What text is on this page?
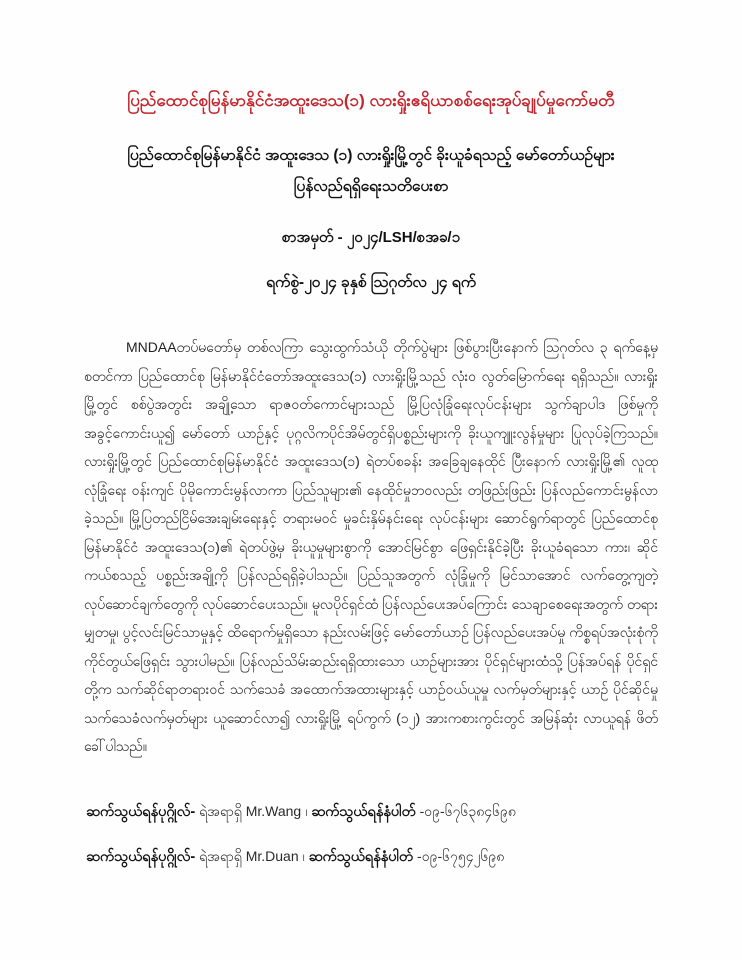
ပြည်ထောင်စုမြန်မာနိုင်ငံအထူးဒေသ(၁) လားရှိုးဧရိယာစစ်ရေးအုပ်ချုပ်မှုကော်မတီ
ပြည်ထောင်စုမြန်မာနိုင်ငံ အထူးဒေသ (၁) လားရှိုးမြို့တွင် ခိုးယူခံရသည့် မော်တော်ယဉ်များ
ပြန်လည်ရရှိရေးသတိပေးစာ
စာအမှတ် - ၂၀၂၄/LSH/စအခ/၁
ရက်စွဲ-၂၀၂၄ ခုနှစ် သြဂုတ်လ ၂၄ ရက်
MNDAAတပ်မတော်မှ တစ်လကြာ သွေးထွက်သံယို တိုက်ပွဲများ ဖြစ်ပွားပြီးနောက် သြဂုတ်လ ၃ ရက်နေ့မှ စတင်ကာ ပြည်ထောင်စု မြန်မာနိုင်ငံတော်အထူးဒေသ(၁) လားရှိုးမြို့သည် လုံးဝ လွတ်မြောက်ရေး ရရှိသည်။ လားရှိုးမြို့တွင် စစ်ပွဲအတွင်း အချို့သော ရာဇဝတ်ကောင်များသည် မြို့ပြလုံခြုံရေးလုပ်ငန်းများ သွက်ချာပါဒ ဖြစ်မှုကို အခွင့်ကောင်းယူ၍ မော်တော် ယာဉ်နှင့် ပုဂ္ဂလိကပိုင်အိမ်တွင်ရှိပစ္စည်းများကို ခိုးယူကျူးလွန်မှုများ ပြုလုပ်ခဲ့ကြသည်။ လားရှိုးမြို့တွင် ပြည်ထောင်စုမြန်မာနိုင်ငံ အထူးဒေသ(၁) ရဲတပ်စခန်း အခြေချနေထိုင် ပြီးနောက် လားရှိုးမြို့၏ လူထုလုံခြုံရေး ဝန်းကျင် ပိုမိုကောင်းမွန်လာကာ ပြည်သူများ၏ နေထိုင်မှုဘဝလည်း တဖြည်းဖြည်း ပြန်လည်ကောင်းမွန်လာခဲ့သည်။ မြို့ပြတည်ငြိမ်အေးချမ်းရေးနှင့် တရားမဝင် မှုခင်းနှိမ်နင်းရေး လုပ်ငန်းများ ဆောင်ရွက်ရာတွင် ပြည်ထောင်စုမြန်မာနိုင်ငံ အထူးဒေသ(၁)၏ ရဲတပ်ဖွဲ့မှ ခိုးယူမှုများစွာကို အောင်မြင်စွာ ဖြေရှင်းနိုင်ခဲ့ပြီး ခိုးယူခံရသော ကား၊ ဆိုင်ကယ်စသည့် ပစ္စည်းအချို့ကို ပြန်လည်ရရှိခဲ့ပါသည်။ ပြည်သူအတွက် လုံခြုံမှုကို မြင်သာအောင် လက်တွေ့ကျတဲ့ လုပ်ဆောင်ချက်တွေကို လုပ်ဆောင်ပေးသည်။ မူလပိုင်ရှင်ထံ ပြန်လည်ပေးအပ်ကြောင်း သေချာစေရေးအတွက် တရားမျှတမှု၊ ပွင့်လင်းမြင်သာမှုနှင့် ထိရောက်မှုရှိသော နည်းလမ်းဖြင့် မော်တော်ယာဉ် ပြန်လည်ပေးအပ်မှု ကိစ္စရပ်အလုံးစုံကို ကိုင်တွယ်ဖြေရှင်း သွားပါမည်။ ပြန်လည်သိမ်းဆည်းရရှိထားသော ယာဉ်များအား ပိုင်ရှင်များထံသို့ ပြန်အပ်ရန် ပိုင်ရှင်တို့က သက်ဆိုင်ရာတရားဝင် သက်သေခံ အထောက်အထားများနှင့် ယာဉ်ဝယ်ယူမှု လက်မှတ်များနှင့် ယာဉ် ပိုင်ဆိုင်မှု သက်သေခံလက်မှတ်များ ယူဆောင်လာ၍ လားရှိုးမြို့ ရပ်ကွက် (၁၂) အားကစားကွင်းတွင် အမြန်ဆုံး လာယူရန် ဖိတ်ခေါ်ပါသည်။
ဆက်သွယ်ရန်ပုဂ္ဂိုလ်- ရဲအရာရှိ Mr.Wang ၊ ဆက်သွယ်ရန်နံပါတ် -၀၉-၆၇၆၃၈၄၆၉၈
ဆက်သွယ်ရန်ပုဂ္ဂိုလ်- ရဲအရာရှိ Mr.Duan ၊ ဆက်သွယ်ရန်နံပါတ် -၀၉-၆၇၅၄၂၆၉၈
